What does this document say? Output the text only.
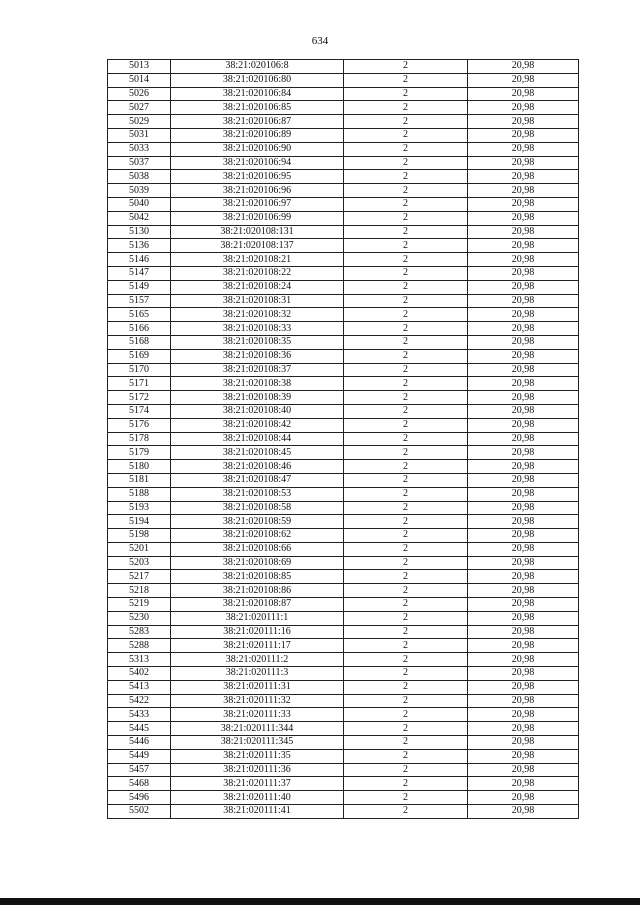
634
5013	38:21:020106:8	2	20,98
5014	38:21:020106:80	2	20,98
5026	38:21:020106:84	2	20,98
5027	38:21:020106:85	2	20,98
5029	38:21:020106:87	2	20,98
5031	38:21:020106:89	2	20,98
5033	38:21:020106:90	2	20,98
5037	38:21:020106:94	2	20,98
5038	38:21:020106:95	2	20,98
5039	38:21:020106:96	2	20,98
5040	38:21:020106:97	2	20,98
5042	38:21:020106:99	2	20,98
5130	38:21:020108:131	2	20,98
5136	38:21:020108:137	2	20,98
5146	38:21:020108:21	2	20,98
5147	38:21:020108:22	2	20,98
5149	38:21:020108:24	2	20,98
5157	38:21:020108:31	2	20,98
5165	38:21:020108:32	2	20,98
5166	38:21:020108:33	2	20,98
5168	38:21:020108:35	2	20,98
5169	38:21:020108:36	2	20,98
5170	38:21:020108:37	2	20,98
5171	38:21:020108:38	2	20,98
5172	38:21:020108:39	2	20,98
5174	38:21:020108:40	2	20,98
5176	38:21:020108:42	2	20,98
5178	38:21:020108:44	2	20,98
5179	38:21:020108:45	2	20,98
5180	38:21:020108:46	2	20,98
5181	38:21:020108:47	2	20,98
5188	38:21:020108:53	2	20,98
5193	38:21:020108:58	2	20,98
5194	38:21:020108:59	2	20,98
5198	38:21:020108:62	2	20,98
5201	38:21:020108:66	2	20,98
5203	38:21:020108:69	2	20,98
5217	38:21:020108:85	2	20,98
5218	38:21:020108:86	2	20,98
5219	38:21:020108:87	2	20,98
5230	38:21:020111:1	2	20,98
5283	38:21:020111:16	2	20,98
5288	38:21:020111:17	2	20,98
5313	38:21:020111:2	2	20,98
5402	38:21:020111:3	2	20,98
5413	38:21:020111:31	2	20,98
5422	38:21:020111:32	2	20,98
5433	38:21:020111:33	2	20,98
5445	38:21:020111:344	2	20,98
5446	38:21:020111:345	2	20,98
5449	38:21:020111:35	2	20,98
5457	38:21:020111:36	2	20,98
5468	38:21:020111:37	2	20,98
5496	38:21:020111:40	2	20,98
5502	38:21:020111:41	2	20,98
